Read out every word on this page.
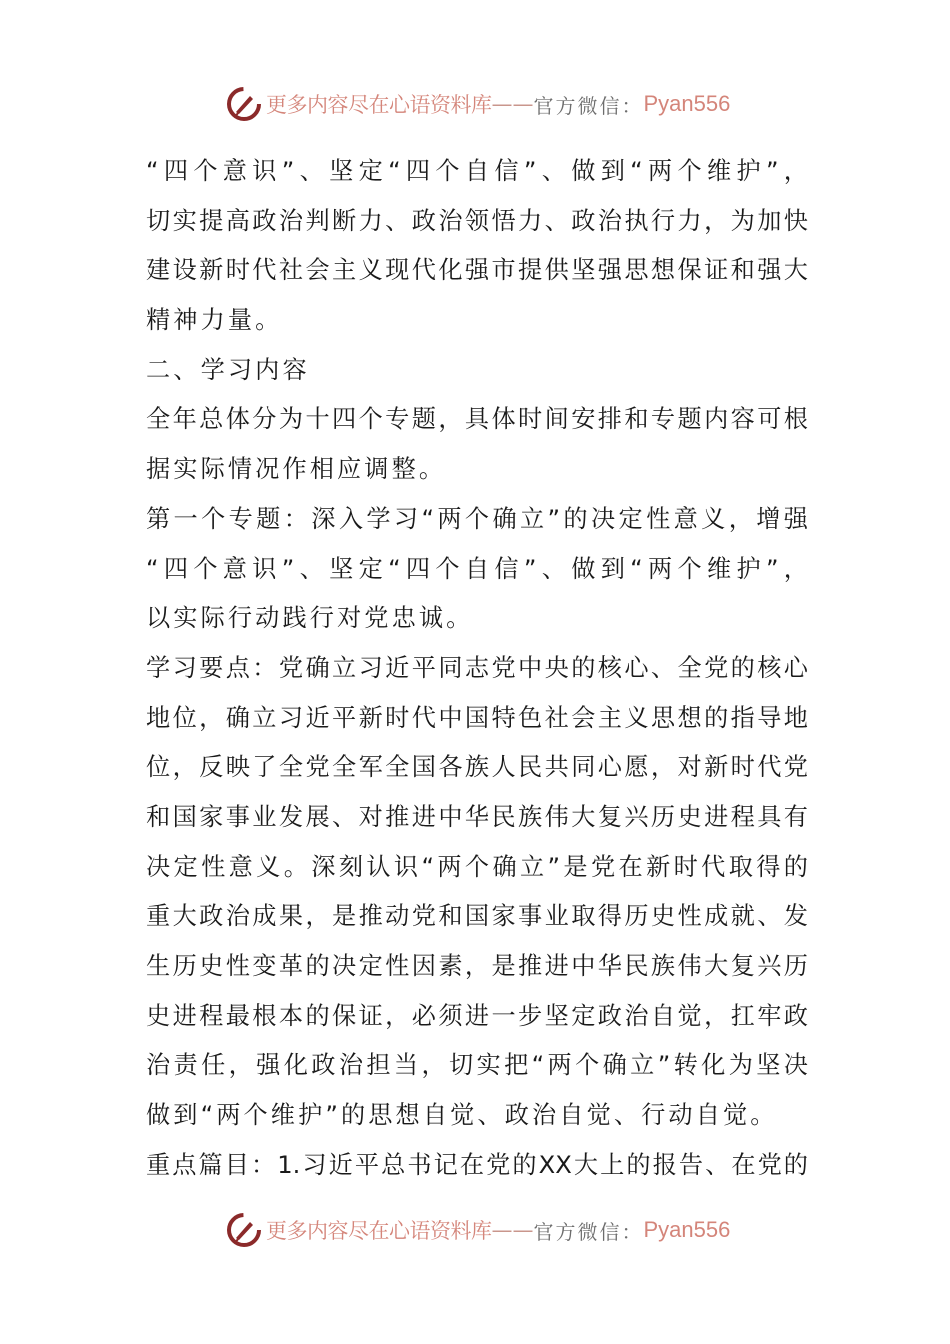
更多内容尽在心语资料库 —— 官方微信： Pyan556
“四个意识”、坚定“四个自信”、做到“两个维护”，
切实提高政治判断力、政治领悟力、政治执行力，为加快
建设新时代社会主义现代化强市提供坚强思想保证和强大
精神力量。
二、学习内容
全年总体分为十四个专题，具体时间安排和专题内容可根
据实际情况作相应调整。
第一个专题：深入学习“两个确立”的决定性意义，增强
“四个意识”、坚定“四个自信”、做到“两个维护”，
以实际行动践行对党忠诚。
学习要点：党确立习近平同志党中央的核心、全党的核心
地位，确立习近平新时代中国特色社会主义思想的指导地
位，反映了全党全军全国各族人民共同心愿，对新时代党
和国家事业发展、对推进中华民族伟大复兴历史进程具有
决定性意义。深刻认识“两个确立”是党在新时代取得的
重大政治成果，是推动党和国家事业取得历史性成就、发
生历史性变革的决定性因素，是推进中华民族伟大复兴历
史进程最根本的保证，必须进一步坚定政治自觉，扛牢政
治责任，强化政治担当，切实把“两个确立”转化为坚决
做到“两个维护”的思想自觉、政治自觉、行动自觉。
重点篇目：1.习近平总书记在党的XX大上的报告、在党的
更多内容尽在心语资料库 —— 官方微信： Pyan556
